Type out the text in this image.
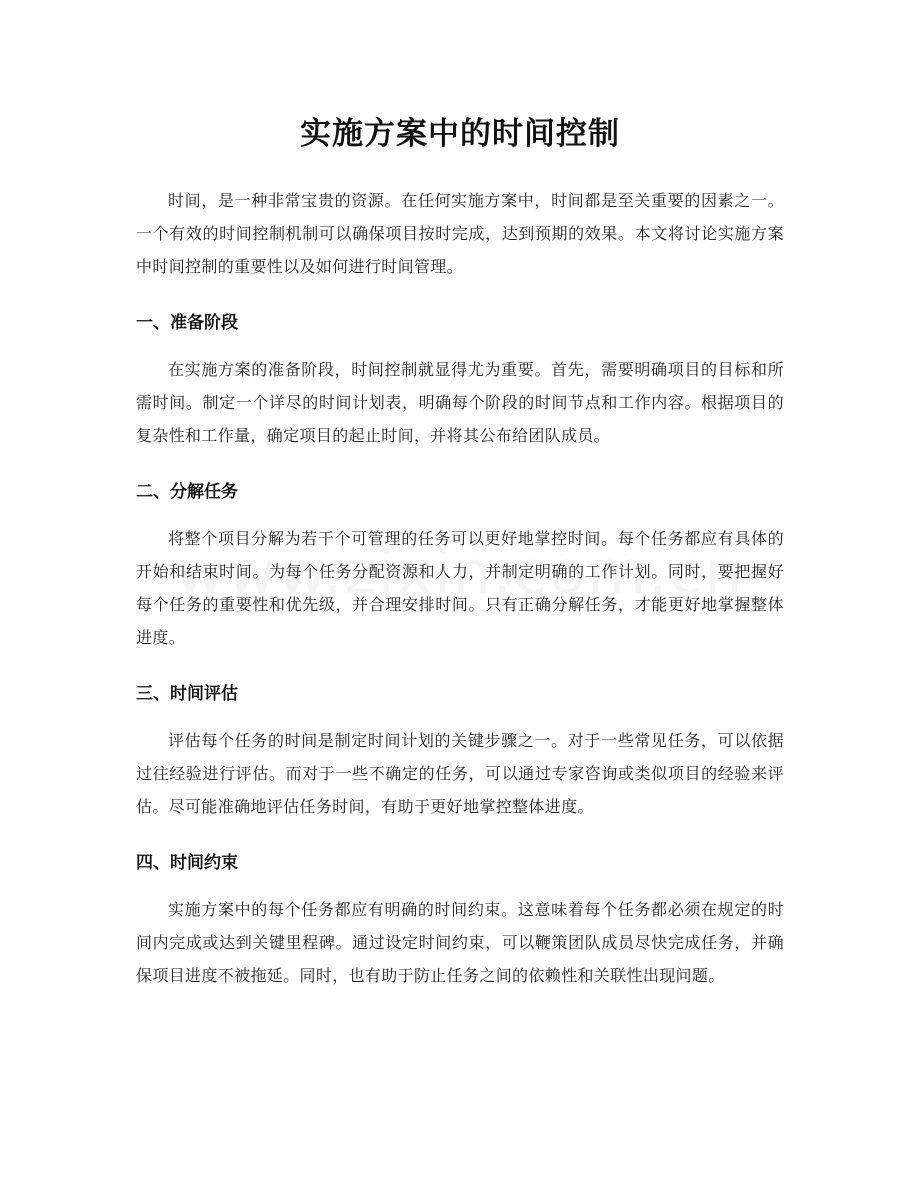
实施方案中的时间控制

时间，是一种非常宝贵的资源。在任何实施方案中，时间都是至关重要的因素之一。一个有效的时间控制机制可以确保项目按时完成，达到预期的效果。本文将讨论实施方案中时间控制的重要性以及如何进行时间管理。

一、准备阶段

在实施方案的准备阶段，时间控制就显得尤为重要。首先，需要明确项目的目标和所需时间。制定一个详尽的时间计划表，明确每个阶段的时间节点和工作内容。根据项目的复杂性和工作量，确定项目的起止时间，并将其公布给团队成员。

二、分解任务

将整个项目分解为若干个可管理的任务可以更好地掌控时间。每个任务都应有具体的开始和结束时间。为每个任务分配资源和人力，并制定明确的工作计划。同时，要把握好每个任务的重要性和优先级，并合理安排时间。只有正确分解任务，才能更好地掌握整体进度。

三、时间评估

评估每个任务的时间是制定时间计划的关键步骤之一。对于一些常见任务，可以依据过往经验进行评估。而对于一些不确定的任务，可以通过专家咨询或类似项目的经验来评估。尽可能准确地评估任务时间，有助于更好地掌控整体进度。

四、时间约束

实施方案中的每个任务都应有明确的时间约束。这意味着每个任务都必须在规定的时间内完成或达到关键里程碑。通过设定时间约束，可以鞭策团队成员尽快完成任务，并确保项目进度不被拖延。同时，也有助于防止任务之间的依赖性和关联性出现问题。
